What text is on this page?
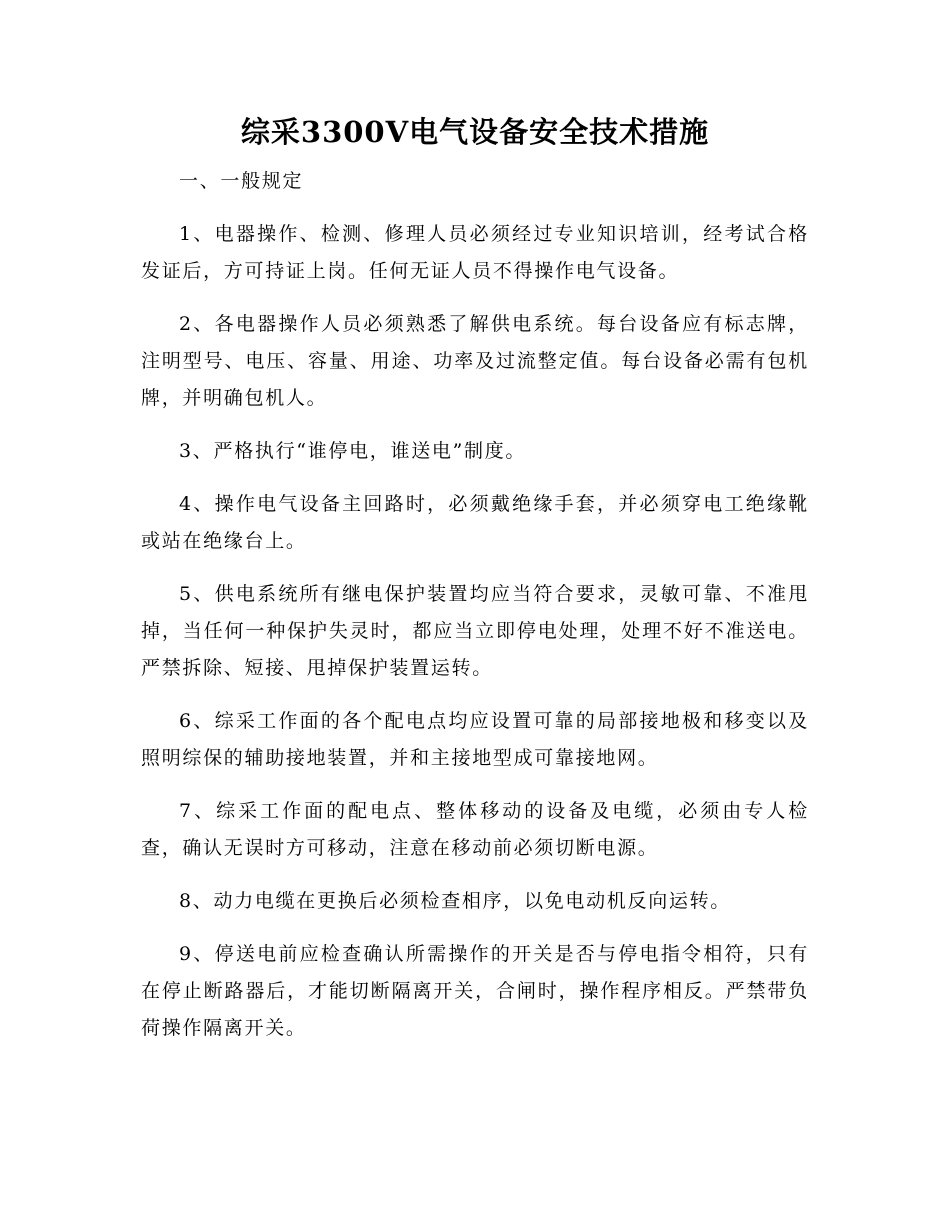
综采3300V电气设备安全技术措施

一、一般规定

1、电器操作、检测、修理人员必须经过专业知识培训，经考试合格发证后，方可持证上岗。任何无证人员不得操作电气设备。

2、各电器操作人员必须熟悉了解供电系统。每台设备应有标志牌，注明型号、电压、容量、用途、功率及过流整定值。每台设备必需有包机牌，并明确包机人。

3、严格执行“谁停电，谁送电”制度。

4、操作电气设备主回路时，必须戴绝缘手套，并必须穿电工绝缘靴或站在绝缘台上。

5、供电系统所有继电保护装置均应当符合要求，灵敏可靠、不准甩掉，当任何一种保护失灵时，都应当立即停电处理，处理不好不准送电。严禁拆除、短接、甩掉保护装置运转。

6、综采工作面的各个配电点均应设置可靠的局部接地极和移变以及照明综保的辅助接地装置，并和主接地型成可靠接地网。

7、综采工作面的配电点、整体移动的设备及电缆，必须由专人检查，确认无误时方可移动，注意在移动前必须切断电源。

8、动力电缆在更换后必须检查相序，以免电动机反向运转。

9、停送电前应检查确认所需操作的开关是否与停电指令相符，只有在停止断路器后，才能切断隔离开关，合闸时，操作程序相反。严禁带负荷操作隔离开关。
